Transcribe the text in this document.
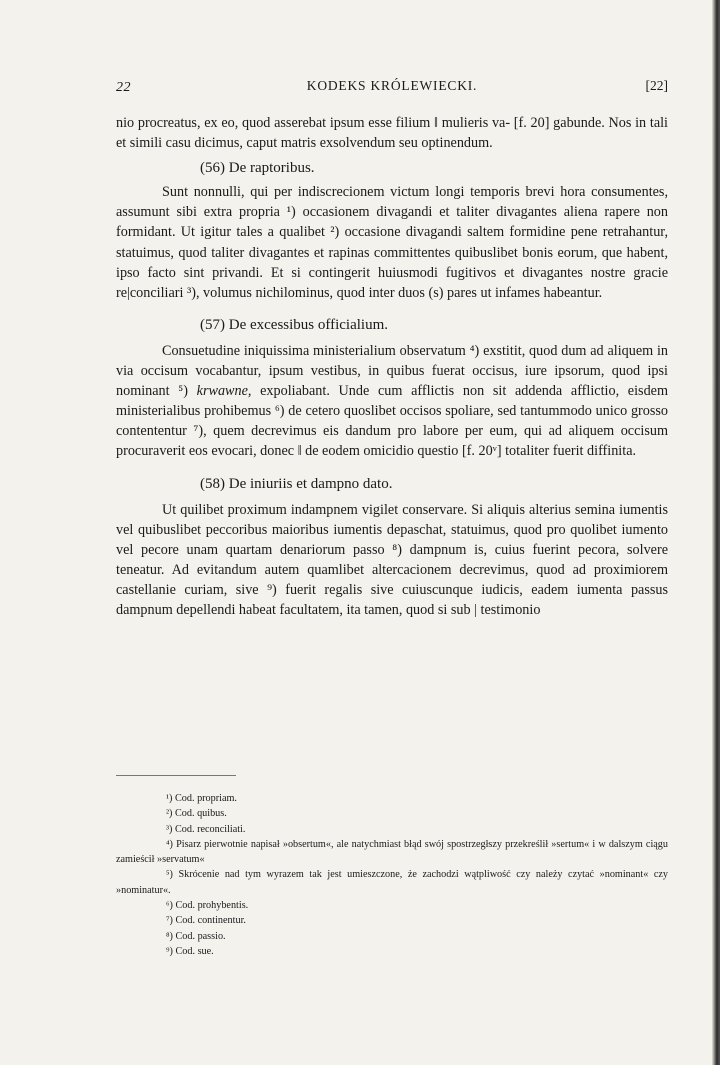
22	KODEKS KRÓLEWIECKI.	[22]

nio procreatus, ex eo, quod asserebat ipsum esse filium ‖ mulieris va- [f. 20] gabunde. Nos in tali et simili casu dicimus, caput matris exsolvendum seu optinendum.

(56) De raptoribus.

Sunt nonnulli, qui per indiscrecionem victum longi temporis brevi hora consumentes, assumunt sibi extra propria ¹) occasionem divagandi et taliter divagantes aliena rapere non formidant. Ut igitur tales a qualibet ²) occasione divagandi saltem formidine pene retrahantur, statuimus, quod taliter divagantes et rapinas committentes quibuslibet bonis eorum, que habent, ipso facto sint privandi. Et si contingerit huiusmodi fugitivos et divagantes nostre gracie re|conciliari ³), volumus nichilominus, quod inter duos (s) pares ut infames habeantur.

(57) De excessibus officialium.

Consuetudine iniquissima ministerialium observatum ⁴) exstitit, quod dum ad aliquem in via occisum vocabantur, ipsum vestibus, in quibus fuerat occisus, iure ipsorum, quod ipsi nominant ⁵) krwawne, expoliabant. Unde cum afflictis non sit addenda afflictio, eisdem ministerialibus prohibemus ⁶) de cetero quoslibet occisos spoliare, sed tantummodo unico grosso contententur ⁷), quem decrevimus eis dandum pro labore per eum, qui ad aliquem occisum procuraverit eos evocari, donec ‖ de eodem omicidio questio [f. 20ᵛ] totaliter fuerit diffinita.

(58) De iniuriis et dampno dato.

Ut quilibet proximum indampnem vigilet conservare. Si aliquis alterius semina iumentis vel quibuslibet peccoribus maioribus iumentis depaschat, statuimus, quod pro quolibet iumento vel pecore unam quartam denariorum passo ⁸) dampnum is, cuius fuerint pecora, solvere teneatur. Ad evitandum autem quamlibet altercacionem decrevimus, quod ad proximiorem castellanie curiam, sive ⁹) fuerit regalis sive cuiuscunque iudicis, eadem iumenta passus dampnum depellendi habeat facultatem, ita tamen, quod si sub | testimonio

¹) Cod. propriam.
²) Cod. quibus.
³) Cod. reconciliati.
⁴) Pisarz pierwotnie napisał »obsertum«, ale natychmiast błąd swój spostrzegłszy przekreślił »sertum« i w dalszym ciągu zamieścił »servatum«
⁵) Skrócenie nad tym wyrazem tak jest umieszczone, że zachodzi wątpliwość czy należy czytać »nominant« czy »nominatur«.
⁶) Cod. prohybentis.
⁷) Cod. continentur.
⁸) Cod. passio.
⁹) Cod. sue.
